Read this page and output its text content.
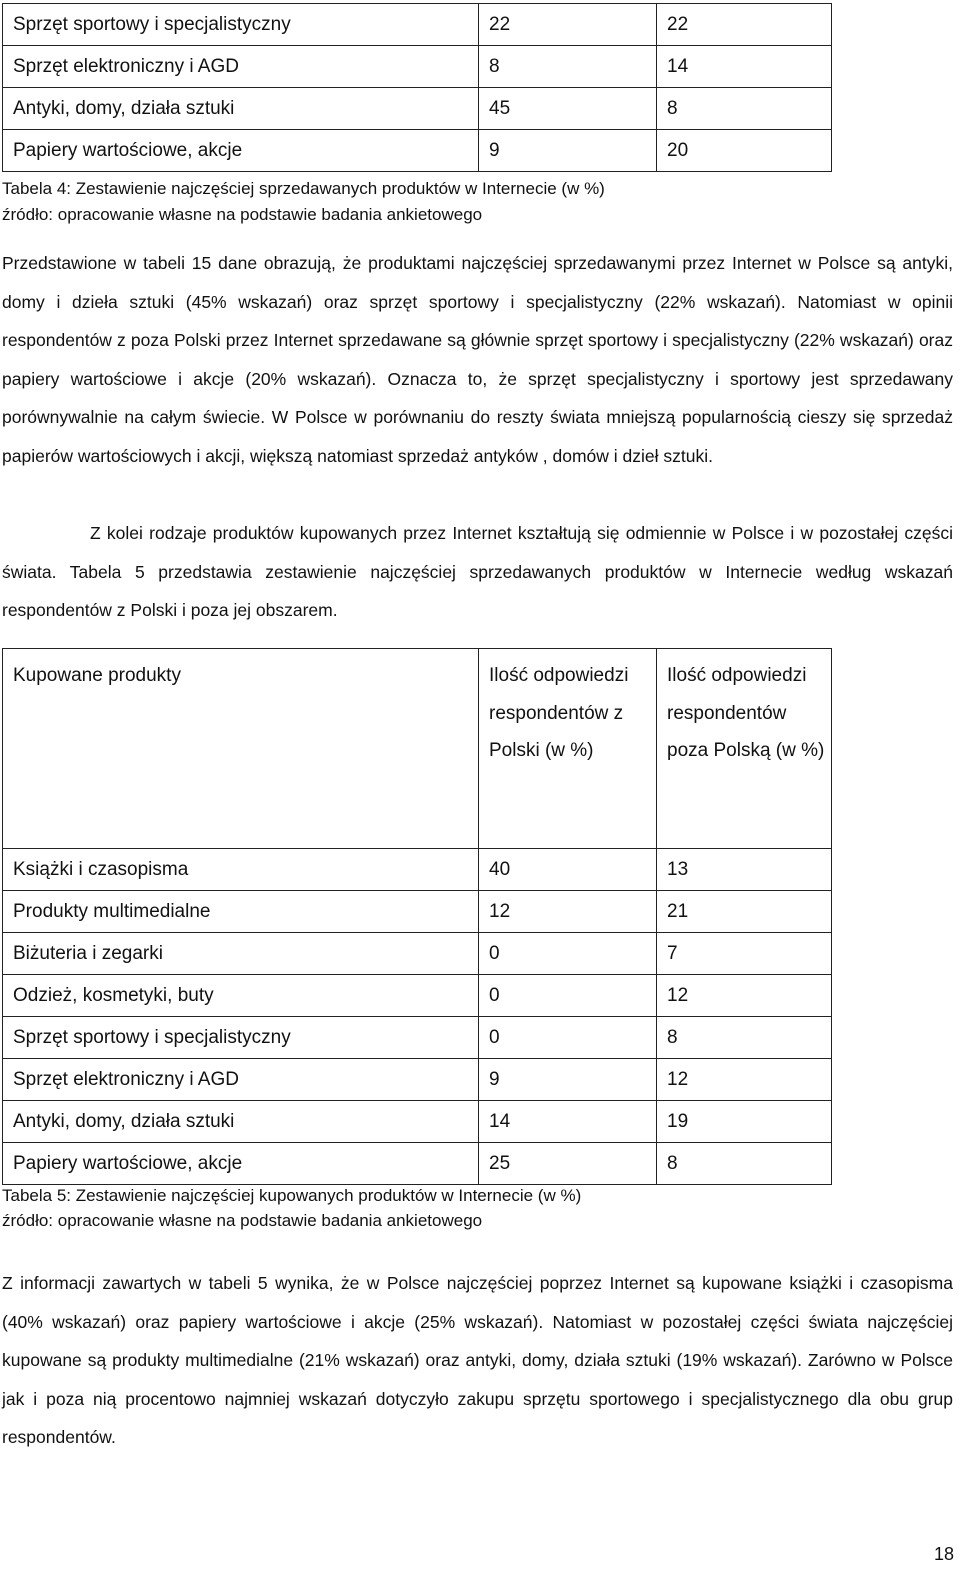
Sprzęt sportowy i specjalistyczny	22	22
Sprzęt elektroniczny i AGD	8	14
Antyki, domy, działa sztuki	45	8
Papiery wartościowe, akcje	9	20
Tabela 4: Zestawienie najczęściej sprzedawanych produktów w Internecie (w %)
źródło: opracowanie własne na podstawie badania ankietowego

Przedstawione w tabeli 15 dane obrazują, że produktami najczęściej sprzedawanymi przez Internet w Polsce są antyki, domy i dzieła sztuki (45% wskazań) oraz sprzęt sportowy i specjalistyczny (22% wskazań). Natomiast w opinii respondentów z poza Polski przez Internet sprzedawane są głównie sprzęt sportowy i specjalistyczny (22% wskazań) oraz papiery wartościowe i akcje (20% wskazań). Oznacza to, że sprzęt specjalistyczny i sportowy jest sprzedawany porównywalnie na całym świecie. W Polsce w porównaniu do reszty świata mniejszą popularnością cieszy się sprzedaż papierów wartościowych i akcji, większą natomiast sprzedaż antyków , domów i dzieł sztuki.

Z kolei rodzaje produktów kupowanych przez Internet kształtują się odmiennie w Polsce i w pozostałej części świata. Tabela 5 przedstawia zestawienie najczęściej sprzedawanych produktów w Internecie według wskazań respondentów z Polski i poza jej obszarem.

Kupowane produkty	Ilość odpowiedzi respondentów z Polski (w %)	Ilość odpowiedzi respondentów poza Polską (w %)
Książki i czasopisma	40	13
Produkty multimedialne	12	21
Biżuteria i zegarki	0	7
Odzież, kosmetyki, buty	0	12
Sprzęt sportowy i specjalistyczny	0	8
Sprzęt elektroniczny i AGD	9	12
Antyki, domy, działa sztuki	14	19
Papiery wartościowe, akcje	25	8
Tabela 5: Zestawienie najczęściej kupowanych produktów w Internecie (w %)
źródło: opracowanie własne na podstawie badania ankietowego

Z informacji zawartych w tabeli 5 wynika, że w Polsce najczęściej poprzez Internet są kupowane książki i czasopisma (40% wskazań) oraz papiery wartościowe i akcje (25% wskazań). Natomiast w pozostałej części świata najczęściej kupowane są produkty multimedialne (21% wskazań) oraz antyki, domy, działa sztuki (19% wskazań). Zarówno w Polsce jak i poza nią procentowo najmniej wskazań dotyczyło zakupu sprzętu sportowego i specjalistycznego dla obu grup respondentów.

18
